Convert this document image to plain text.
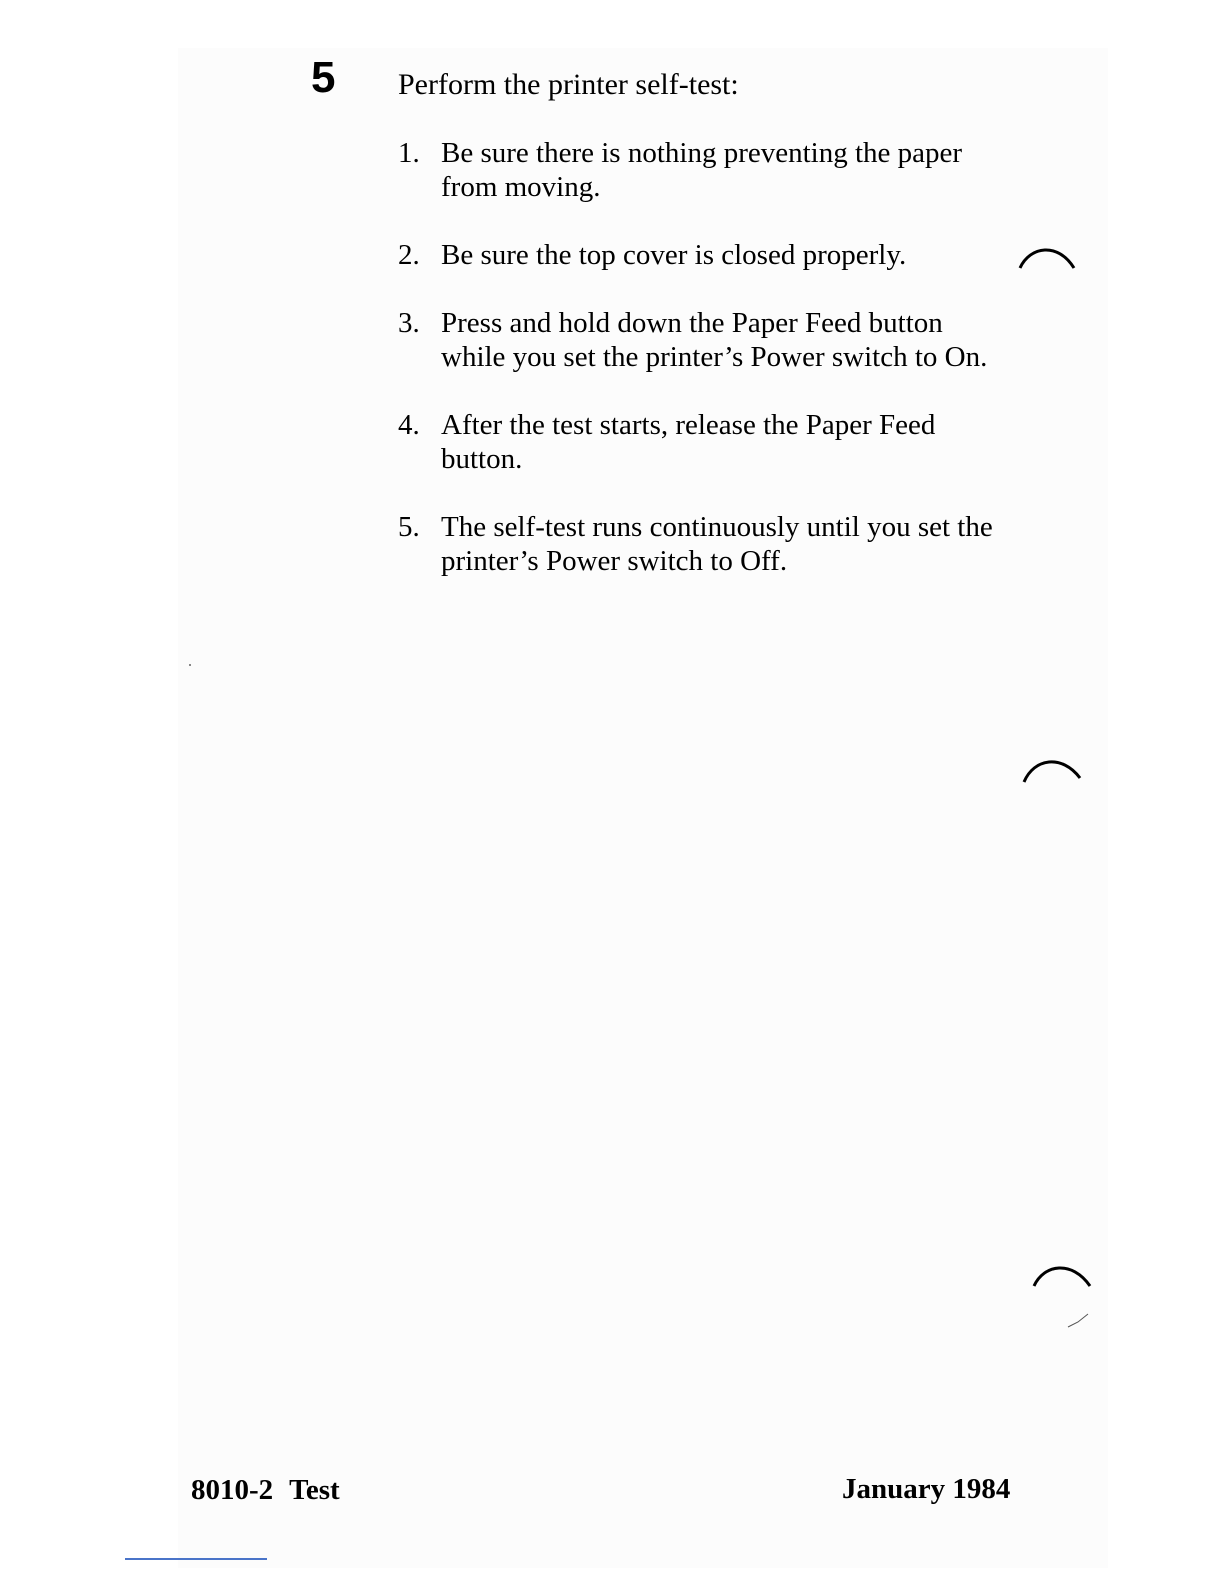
5 Perform the printer self-test:
1. Be sure there is nothing preventing the paper from moving.
2. Be sure the top cover is closed properly.
3. Press and hold down the Paper Feed button while you set the printer’s Power switch to On.
4. After the test starts, release the Paper Feed button.
5. The self-test runs continuously until you set the printer’s Power switch to Off.
8010-2 Test	January 1984
